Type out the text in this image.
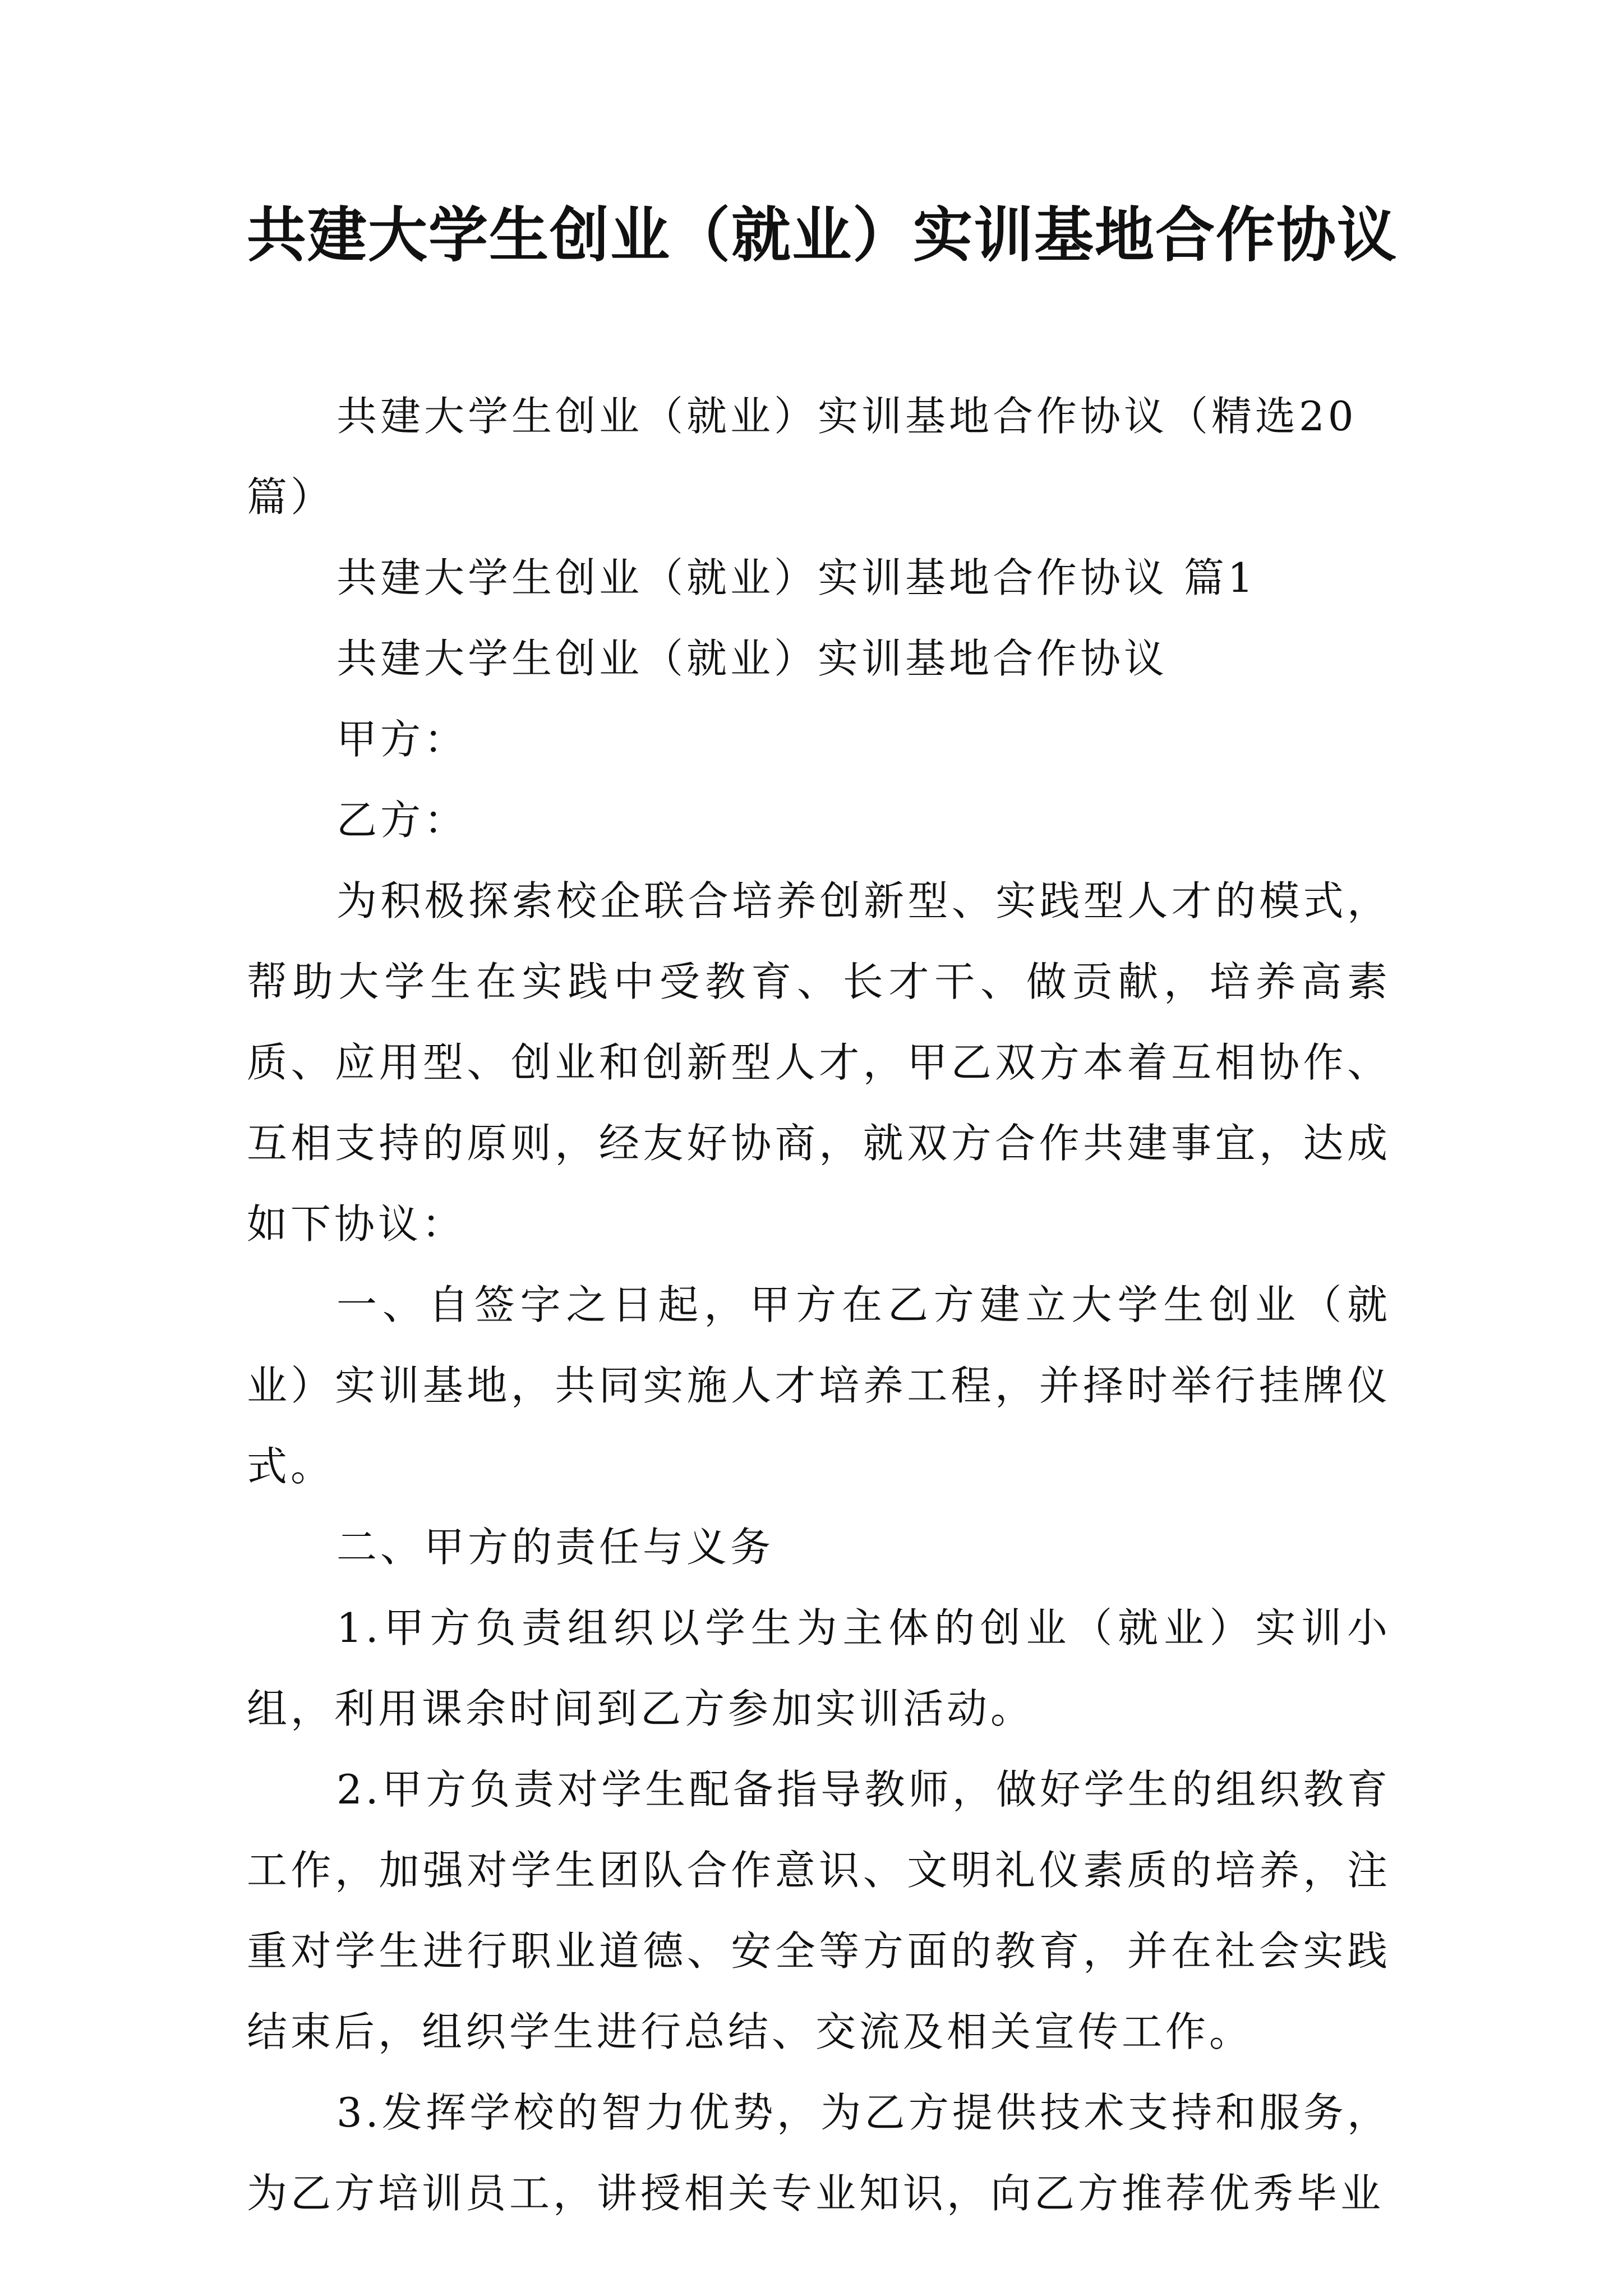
共建大学生创业（就业）实训基地合作协议

共建大学生创业（就业）实训基地合作协议（精选20篇）

共建大学生创业（就业）实训基地合作协议 篇1

共建大学生创业（就业）实训基地合作协议

甲方：

乙方：

为积极探索校企联合培养创新型、实践型人才的模式，帮助大学生在实践中受教育、长才干、做贡献，培养高素质、应用型、创业和创新型人才，甲乙双方本着互相协作、互相支持的原则，经友好协商，就双方合作共建事宜，达成如下协议：

一、自签字之日起，甲方在乙方建立大学生创业（就业）实训基地，共同实施人才培养工程，并择时举行挂牌仪式。

二、甲方的责任与义务

1.甲方负责组织以学生为主体的创业（就业）实训小组，利用课余时间到乙方参加实训活动。

2.甲方负责对学生配备指导教师，做好学生的组织教育工作，加强对学生团队合作意识、文明礼仪素质的培养，注重对学生进行职业道德、安全等方面的教育，并在社会实践结束后，组织学生进行总结、交流及相关宣传工作。

3.发挥学校的智力优势，为乙方提供技术支持和服务，为乙方培训员工，讲授相关专业知识，向乙方推荐优秀毕业
